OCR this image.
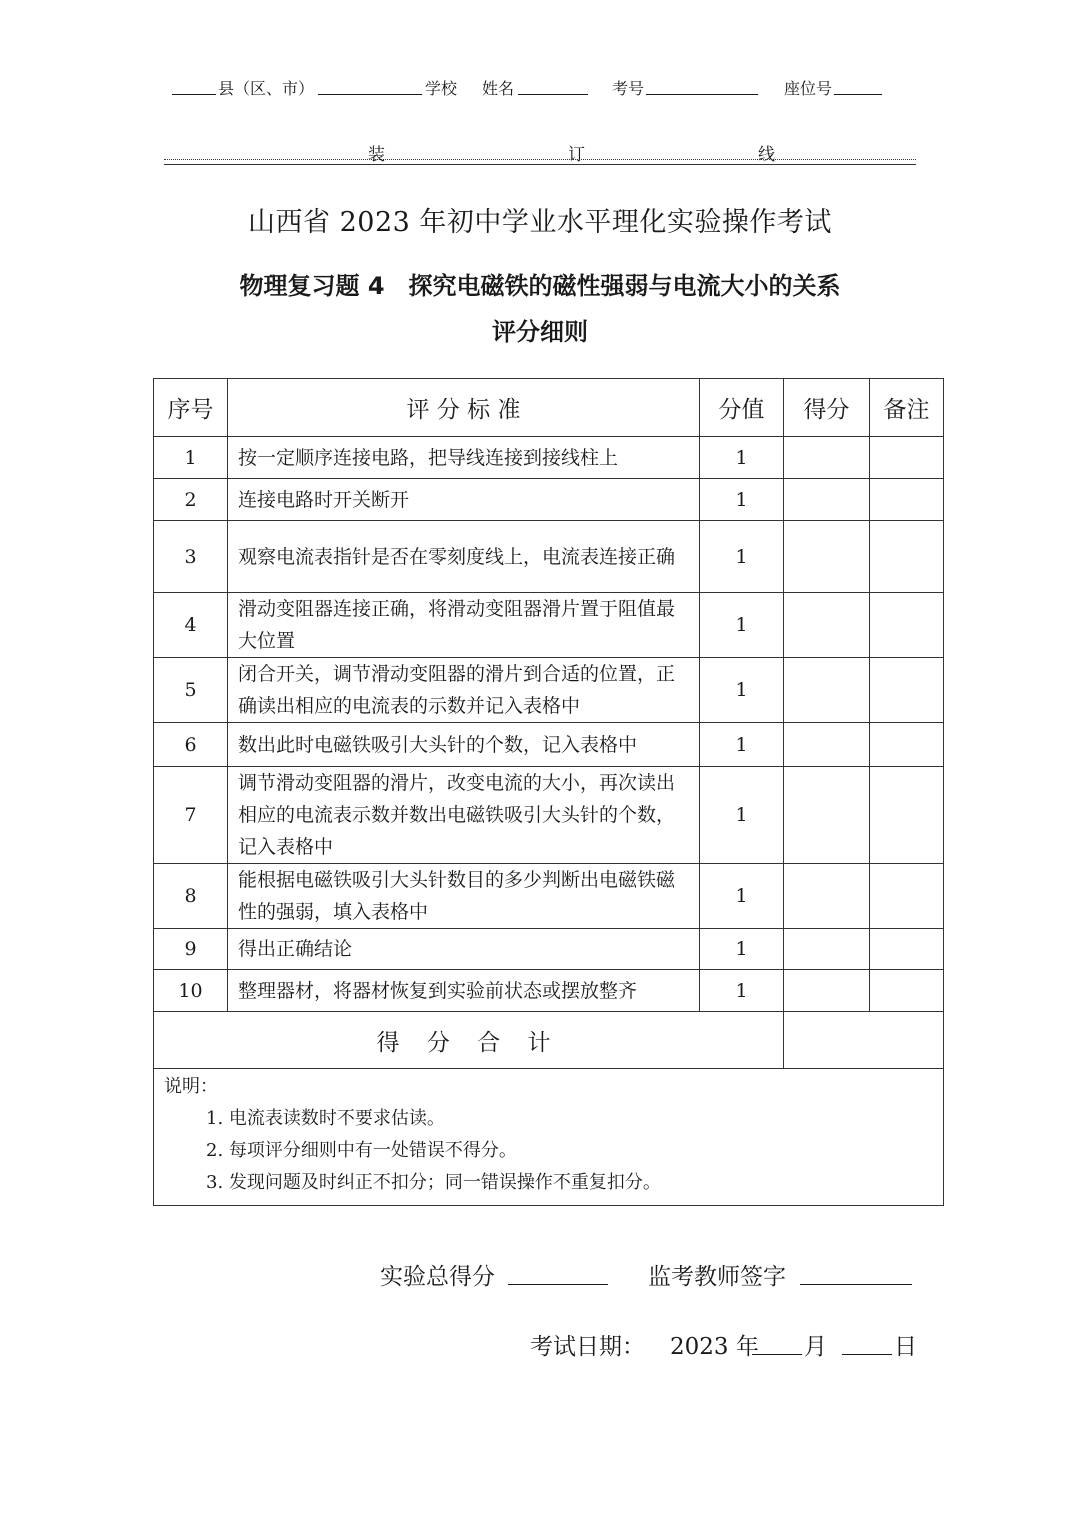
县（区、市）	学校 姓名	考号	座位号
装	订	线
山西省 2023 年初中学业水平理化实验操作考试
物理复习题 4　探究电磁铁的磁性强弱与电流大小的关系
评分细则
序号	评 分 标 准	分值	得分	备注
1	按一定顺序连接电路，把导线连接到接线柱上	1		
2	连接电路时开关断开	1		
3	观察电流表指针是否在零刻度线上，电流表连接正确	1		
4	滑动变阻器连接正确，将滑动变阻器滑片置于阻值最大位置	1		
5	闭合开关，调节滑动变阻器的滑片到合适的位置，正确读出相应的电流表的示数并记入表格中	1		
6	数出此时电磁铁吸引大头针的个数，记入表格中	1		
7	调节滑动变阻器的滑片，改变电流的大小，再次读出相应的电流表示数并数出电磁铁吸引大头针的个数，记入表格中	1		
8	能根据电磁铁吸引大头针数目的多少判断出电磁铁磁性的强弱，填入表格中	1		
9	得出正确结论	1		
10	整理器材，将器材恢复到实验前状态或摆放整齐	1		
得 分 合 计				

说明：
1. 电流表读数时不要求估读。
2. 每项评分细则中有一处错误不得分。
3. 发现问题及时纠正不扣分；同一错误操作不重复扣分。				
实验总得分	监考教师签字
考试日期： 2023 年 月	日
